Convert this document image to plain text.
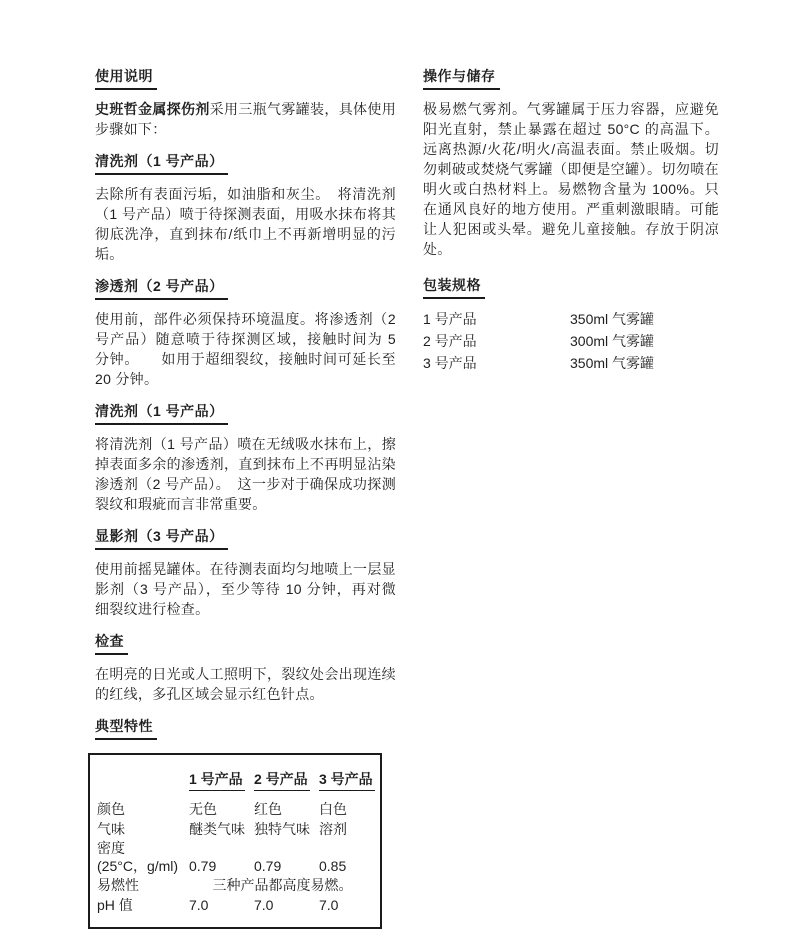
使用说明

史班哲金属探伤剂采用三瓶气雾罐装，具体使用步骤如下：

清洗剂（1 号产品）

去除所有表面污垢，如油脂和灰尘。　将清洗剂（1 号产品）喷于待探测表面，用吸水抹布将其彻底洗净，直到抹布/纸巾上不再新增明显的污垢。

渗透剂（2 号产品）

使用前，部件必须保持环境温度。将渗透剂（2 号产品）随意喷于待探测区域，接触时间为 5 分钟。　　如用于超细裂纹，接触时间可延长至 20 分钟。

清洗剂（1 号产品）

将清洗剂（1 号产品）喷在无绒吸水抹布上，擦掉表面多余的渗透剂，直到抹布上不再明显沾染渗透剂（2 号产品）。　这一步对于确保成功探测裂纹和瑕疵而言非常重要。

显影剂（3 号产品）

使用前摇晃罐体。在待测表面均匀地喷上一层显影剂（3 号产品），至少等待 10 分钟，再对微细裂纹进行检查。

检查

在明亮的日光或人工照明下，裂纹处会出现连续的红线，多孔区域会显示红色针点。

典型特性
1 号产品 2 号产品 3 号产品
颜色	无色	红色	白色
气味	醚类气味 独特气味 溶剂
密度
(25°C，g/ml) 0.79	0.79	0.85
易燃性	三种产品都高度易燃。
pH 值	7.0	7.0	7.0
操作与储存

极易燃气雾剂。气雾罐属于压力容器，应避免阳光直射，禁止暴露在超过 50°C 的高温下。远离热源/火花/明火/高温表面。禁止吸烟。切勿刺破或焚烧气雾罐（即便是空罐）。切勿喷在明火或白热材料上。易燃物含量为 100%。只在通风良好的地方使用。严重刺激眼睛。可能让人犯困或头晕。避免儿童接触。存放于阴凉处。

包装规格
1 号产品	350ml 气雾罐
2 号产品	300ml 气雾罐
3 号产品	350ml 气雾罐
